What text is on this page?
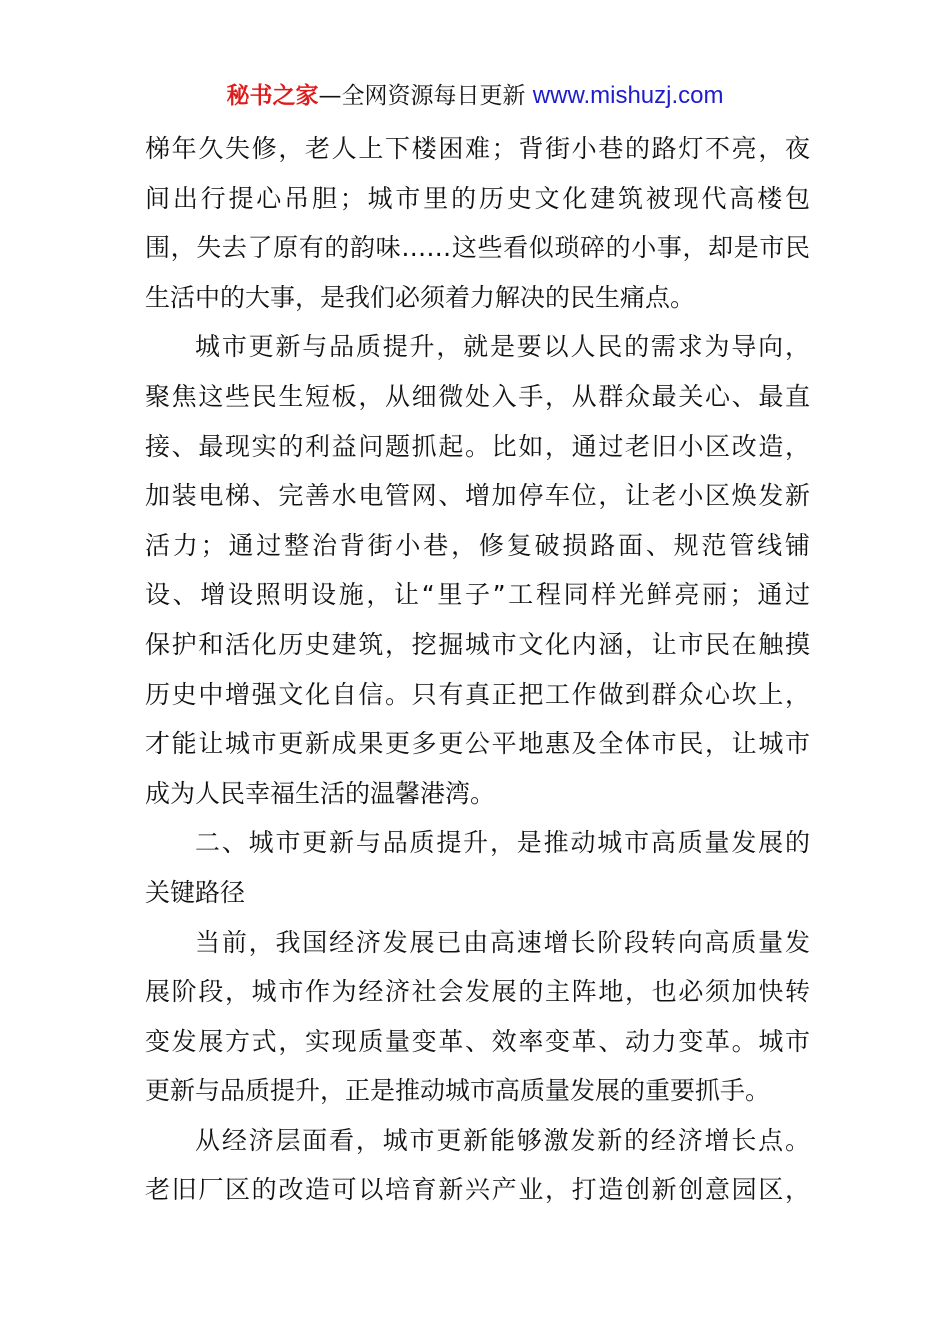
秘书之家—全网资源每日更新 www.mishuzj.com
梯年久失修，老人上下楼困难；背街小巷的路灯不亮，夜
间出行提心吊胆；城市里的历史文化建筑被现代高楼包
围，失去了原有的韵味……这些看似琐碎的小事，却是市民
生活中的大事，是我们必须着力解决的民生痛点。
城市更新与品质提升，就是要以人民的需求为导向，
聚焦这些民生短板，从细微处入手，从群众最关心、最直
接、最现实的利益问题抓起。比如，通过老旧小区改造，
加装电梯、完善水电管网、增加停车位，让老小区焕发新
活力；通过整治背街小巷，修复破损路面、规范管线铺
设、增设照明设施，让“里子”工程同样光鲜亮丽；通过
保护和活化历史建筑，挖掘城市文化内涵，让市民在触摸
历史中增强文化自信。只有真正把工作做到群众心坎上，
才能让城市更新成果更多更公平地惠及全体市民，让城市
成为人民幸福生活的温馨港湾。
二、城市更新与品质提升，是推动城市高质量发展的
关键路径
当前，我国经济发展已由高速增长阶段转向高质量发
展阶段，城市作为经济社会发展的主阵地，也必须加快转
变发展方式，实现质量变革、效率变革、动力变革。城市
更新与品质提升，正是推动城市高质量发展的重要抓手。
从经济层面看，城市更新能够激发新的经济增长点。
老旧厂区的改造可以培育新兴产业，打造创新创意园区，
